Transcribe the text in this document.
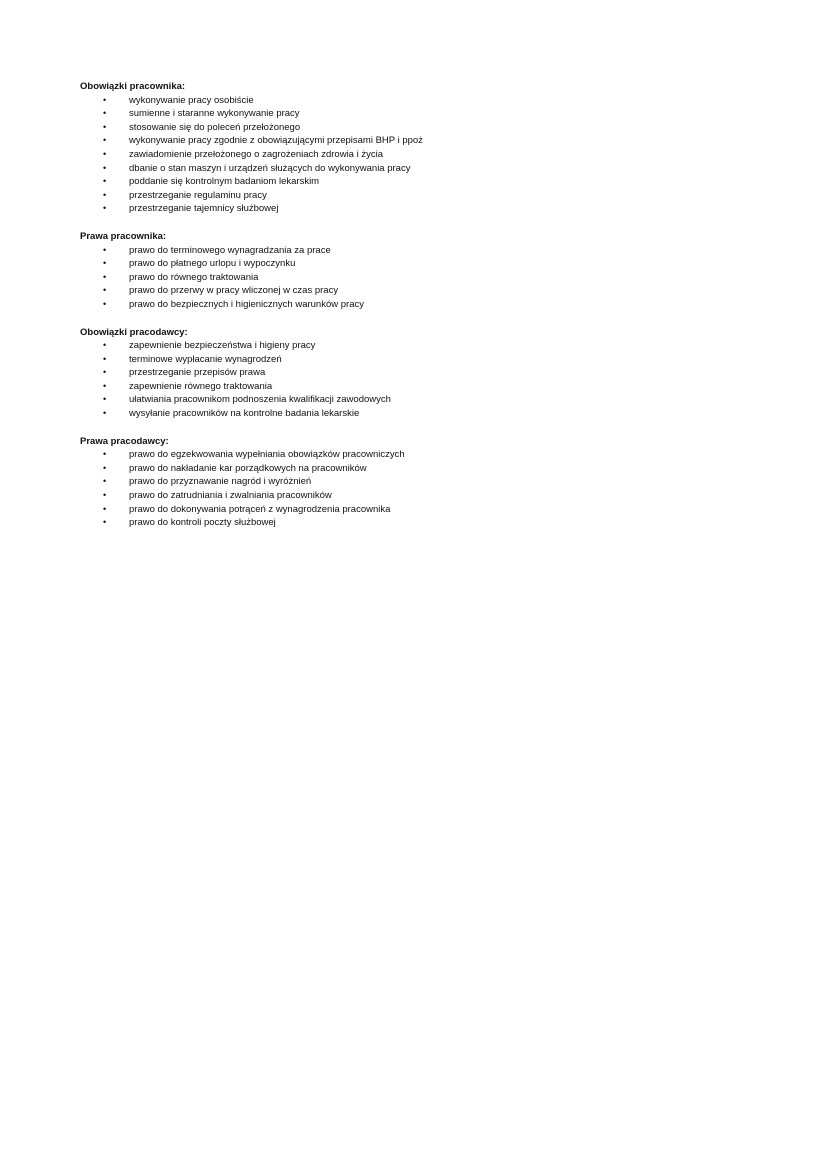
Obowiązki pracownika:

• wykonywanie pracy osobiście
• sumienne i staranne wykonywanie pracy
• stosowanie się do poleceń przełożonego
• wykonywanie pracy zgodnie z obowiązującymi przepisami BHP i ppoż
• zawiadomienie przełożonego o zagrożeniach zdrowia i życia
• dbanie o stan maszyn i urządzeń służących do wykonywania pracy
• poddanie się kontrolnym badaniom lekarskim
• przestrzeganie regulaminu pracy
• przestrzeganie tajemnicy służbowej

Prawa pracownika:

• prawo do terminowego wynagradzania za prace
• prawo do płatnego urlopu i wypoczynku
• prawo do równego traktowania
• prawo do przerwy w pracy wliczonej w czas pracy
• prawo do bezpiecznych i higienicznych warunków pracy

Obowiązki pracodawcy:

• zapewnienie bezpieczeństwa i higieny pracy
• terminowe wypłacanie wynagrodzeń
• przestrzeganie przepisów prawa
• zapewnienie równego traktowania
• ułatwiania pracownikom podnoszenia kwalifikacji zawodowych
• wysyłanie pracowników na kontrolne badania lekarskie

Prawa pracodawcy:

• prawo do egzekwowania wypełniania obowiązków pracowniczych
• prawo do nakładanie kar porządkowych na pracowników
• prawo do przyznawanie nagród i wyróżnień
• prawo do zatrudniania i zwalniania pracowników
• prawo do dokonywania potrąceń z wynagrodzenia pracownika
• prawo do kontroli poczty służbowej
